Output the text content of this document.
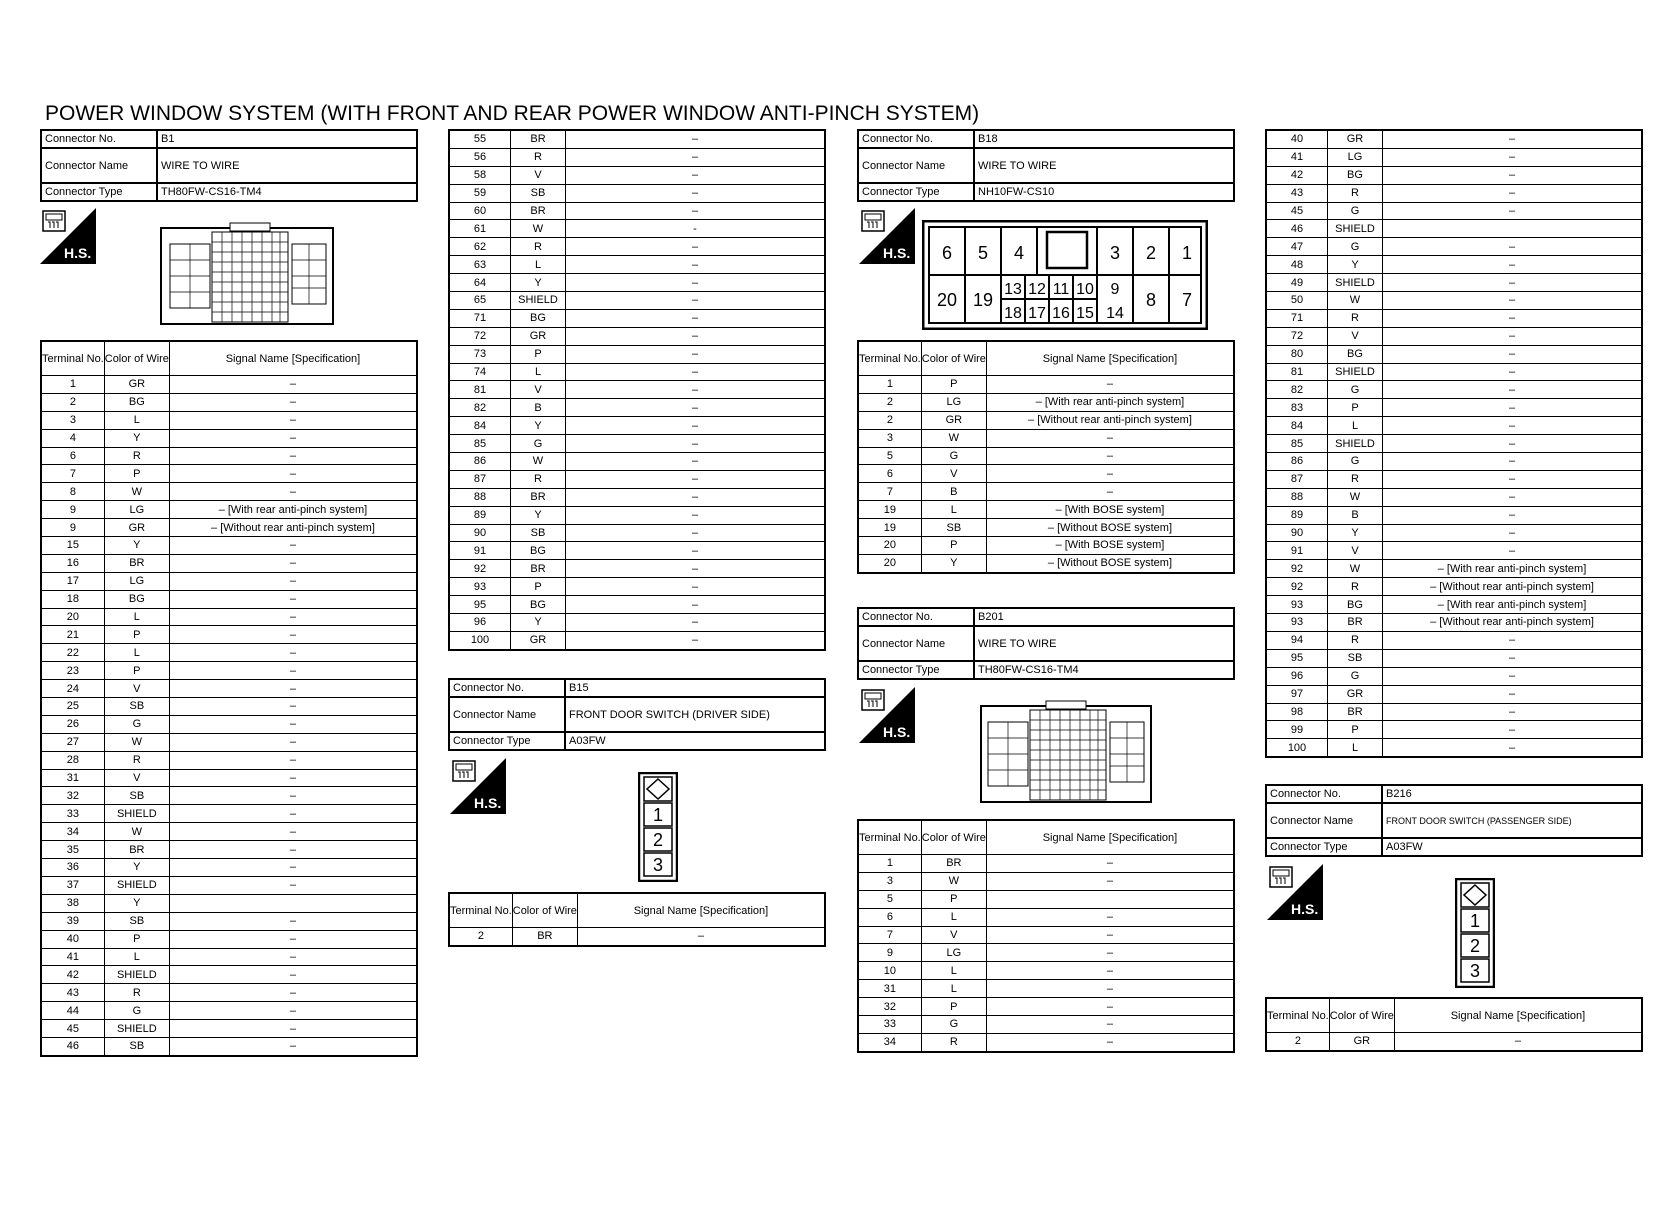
POWER WINDOW SYSTEM (WITH FRONT AND REAR POWER WINDOW ANTI-PINCH SYSTEM)
Connector No.	B1
Connector Name	WIRE TO WIRE
Connector Type	TH80FW-CS16-TM4
H.S.
Terminal No.	Color of Wire	Signal Name [Specification]
1	GR	–
2	BG	–
3	L	–
4	Y	–
6	R	–
7	P	–
8	W	–
9	LG	– [With rear anti-pinch system]
9	GR	– [Without rear anti-pinch system]
15	Y	–
16	BR	–
17	LG	–
18	BG	–
20	L	–
21	P	–
22	L	–
23	P	–
24	V	–
25	SB	–
26	G	–
27	W	–
28	R	–
31	V	–
32	SB	–
33	SHIELD	–
34	W	–
35	BR	–
36	Y	–
37	SHIELD	–
38	Y	
39	SB	–
40	P	–
41	L	–
42	SHIELD	–
43	R	–
44	G	–
45	SHIELD	–
46	SB	–
55	BR	–
56	R	–
58	V	–
59	SB	–
60	BR	–
61	W	-
62	R	–
63	L	–
64	Y	–
65	SHIELD	–
71	BG	–
72	GR	–
73	P	–
74	L	–
81	V	–
82	B	–
84	Y	–
85	G	–
86	W	–
87	R	–
88	BR	–
89	Y	–
90	SB	–
91	BG	–
92	BR	–
93	P	–
95	BG	–
96	Y	–
100	GR	–
Connector No.	B15
Connector Name	FRONT DOOR SWITCH (DRIVER SIDE)
Connector Type	A03FW
H.S.
1
2
3
Terminal No.	Color of Wire	Signal Name [Specification]
2	BR	–
Connector No.	B18
Connector Name	WIRE TO WIRE
Connector Type	NH10FW-CS10
H.S. 6 5 4	3 2 1
20 19
13 12 11 10 9
18 17 16 15 14
8 7
Terminal No.	Color of Wire	Signal Name [Specification]
1	P	–
2	LG	– [With rear anti-pinch system]
2	GR	– [Without rear anti-pinch system]
3	W	–
5	G	–
6	V	–
7	B	–
19	L	– [With BOSE system]
19	SB	– [Without BOSE system]
20	P	– [With BOSE system]
20	Y	– [Without BOSE system]
Connector No.	B201
Connector Name	WIRE TO WIRE
Connector Type	TH80FW-CS16-TM4
H.S.
Terminal No.	Color of Wire	Signal Name [Specification]
1	BR	–
3	W	–
5	P	
6	L	–
7	V	–
9	LG	–
10	L	–
31	L	–
32	P	–
33	G	–
34	R	–
40	GR	–
41	LG	–
42	BG	–
43	R	–
45	G	–
46	SHIELD	
47	G	–
48	Y	–
49	SHIELD	–
50	W	–
71	R	–
72	V	–
80	BG	–
81	SHIELD	–
82	G	–
83	P	–
84	L	–
85	SHIELD	–
86	G	–
87	R	–
88	W	–
89	B	–
90	Y	–
91	V	–
92	W	– [With rear anti-pinch system]
92	R	– [Without rear anti-pinch system]
93	BG	– [With rear anti-pinch system]
93	BR	– [Without rear anti-pinch system]
94	R	–
95	SB	–
96	G	–
97	GR	–
98	BR	–
99	P	–
100	L	–
Connector No.	B216
Connector Name	FRONT DOOR SWITCH (PASSENGER SIDE)
Connector Type	A03FW
H.S.
1
2
3
Terminal No.	Color of Wire	Signal Name [Specification]
2	GR	–
